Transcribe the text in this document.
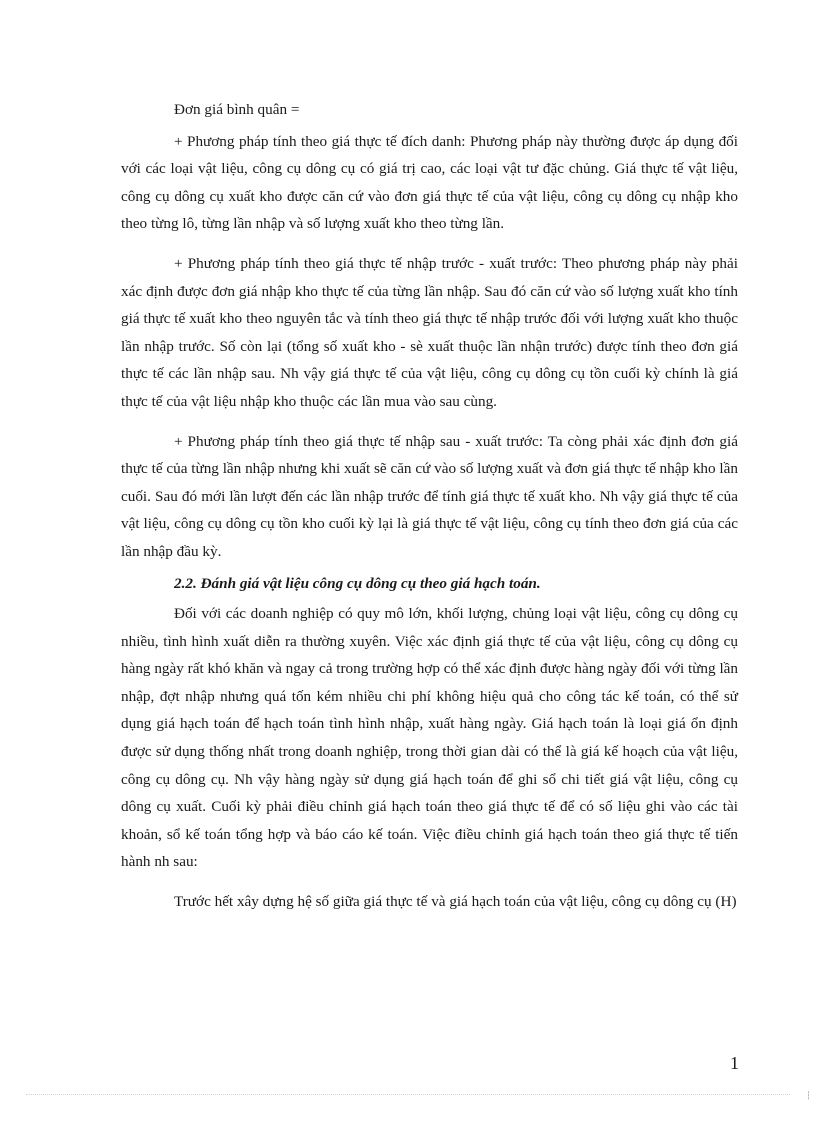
Đơn giá bình quân =

+ Phương pháp tính theo giá thực tế đích danh: Phương pháp này thường được áp dụng đối với các loại vật liệu, công cụ dông cụ có giá trị cao, các loại vật tư đặc chủng. Giá thực tế vật liệu, công cụ dông cụ xuất kho được căn cứ vào đơn giá thực tế của vật liệu, công cụ dông cụ nhập kho theo từng lô, từng lần nhập và số lượng xuất kho theo từng lần.

+ Phương pháp tính theo giá thực tế nhập trước - xuất trước: Theo phương pháp này phải xác định được đơn giá nhập kho thực tế của từng lần nhập. Sau đó căn cứ vào số lượng xuất kho tính giá thực tế xuất kho theo nguyên tắc và tính theo giá thực tế nhập trước đối với lượng xuất kho thuộc lần nhập trước. Số còn lại (tổng số xuất kho - sè xuất thuộc lần nhận trước) được tính theo đơn giá thực tế các lần nhập sau. Nh vậy giá thực tế của vật liệu, công cụ dông cụ tồn cuối kỳ chính là giá thực tế của vật liệu nhập kho thuộc các lần mua vào sau cùng.

+ Phương pháp tính theo giá thực tế nhập sau - xuất trước: Ta còng phải xác định đơn giá thực tế của từng lần nhập nhưng khi xuất sẽ căn cứ vào số lượng xuất và đơn giá thực tế nhập kho lần cuối. Sau đó mới lần lượt đến các lần nhập trước để tính giá thực tế xuất kho. Nh vậy giá thực tế của vật liệu, công cụ dông cụ tồn kho cuối kỳ lại là giá thực tế vật liệu, công cụ tính theo đơn giá của các lần nhập đầu kỳ.

2.2. Đánh giá vật liệu công cụ dông cụ theo giá hạch toán.

Đối với các doanh nghiệp có quy mô lớn, khối lượng, chủng loại vật liệu, công cụ dông cụ nhiều, tình hình xuất diễn ra thường xuyên. Việc xác định giá thực tế của vật liệu, công cụ dông cụ hàng ngày rất khó khăn và ngay cả trong trường hợp có thể xác định được hàng ngày đối với từng lần nhập, đợt nhập nhưng quá tốn kém nhiều chi phí không hiệu quả cho công tác kế toán, có thể sử dụng giá hạch toán để hạch toán tình hình nhập, xuất hàng ngày. Giá hạch toán là loại giá ổn định được sử dụng thống nhất trong doanh nghiệp, trong thời gian dài có thể là giá kế hoạch của vật liệu, công cụ dông cụ. Nh vậy hàng ngày sử dụng giá hạch toán để ghi sổ chi tiết giá vật liệu, công cụ dông cụ xuất. Cuối kỳ phải điều chỉnh giá hạch toán theo giá thực tế để có số liệu ghi vào các tài khoản, sổ kế toán tổng hợp và báo cáo kế toán. Việc điều chỉnh giá hạch toán theo giá thực tế tiến hành nh sau:

Trước hết xây dựng hệ số giữa giá thực tế và giá hạch toán của vật liệu, công cụ dông cụ (H)

1
┆
